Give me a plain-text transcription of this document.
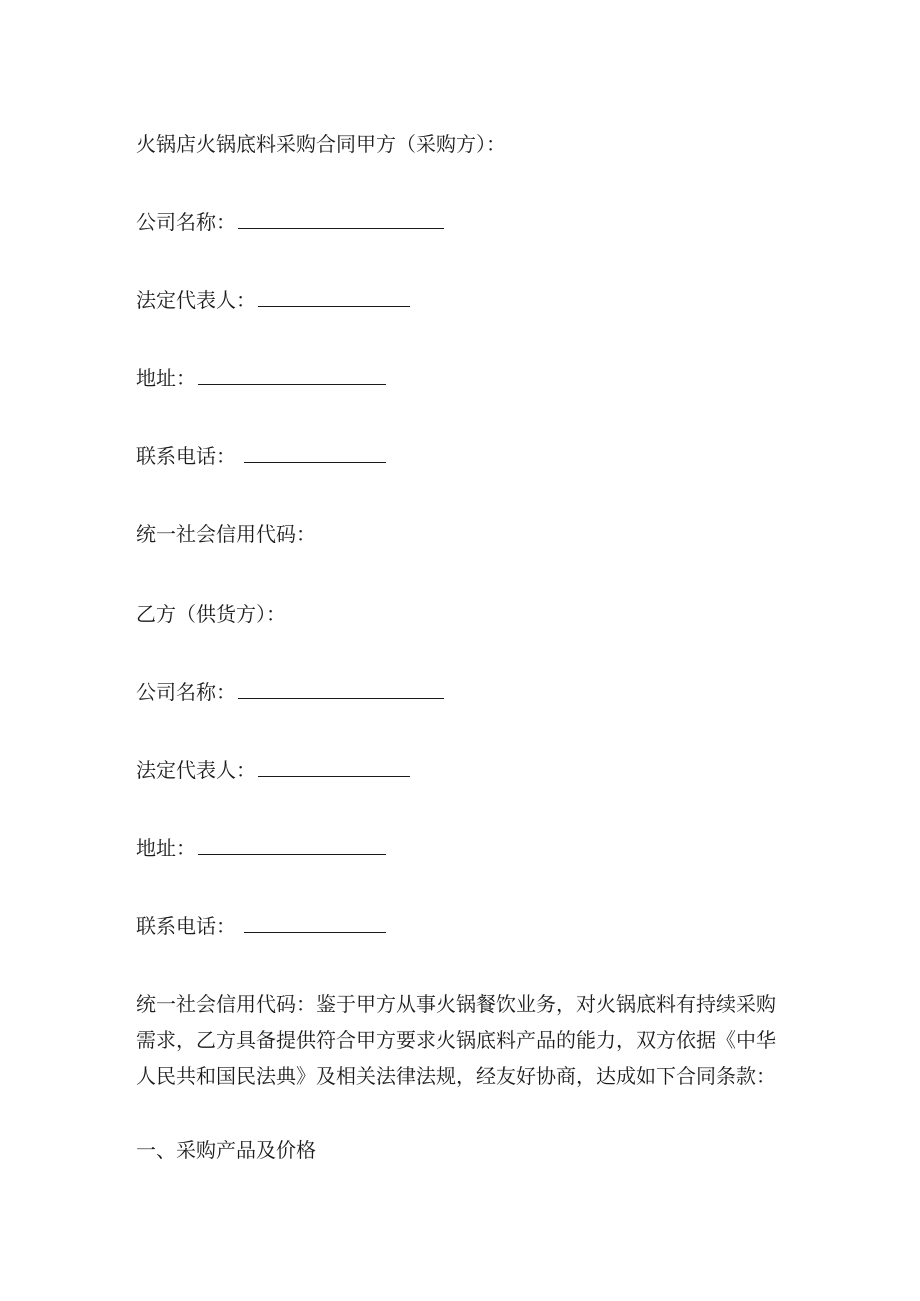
火锅店火锅底料采购合同甲方（采购方）：
公司名称：
法定代表人：
地址：
联系电话：
统一社会信用代码：
乙方（供货方）：
公司名称：
法定代表人：
地址：
联系电话：
统一社会信用代码：鉴于甲方从事火锅餐饮业务，对火锅底料有持续采购需求，乙方具备提供符合甲方要求火锅底料产品的能力，双方依据《中华人民共和国民法典》及相关法律法规，经友好协商，达成如下合同条款：
一、采购产品及价格
